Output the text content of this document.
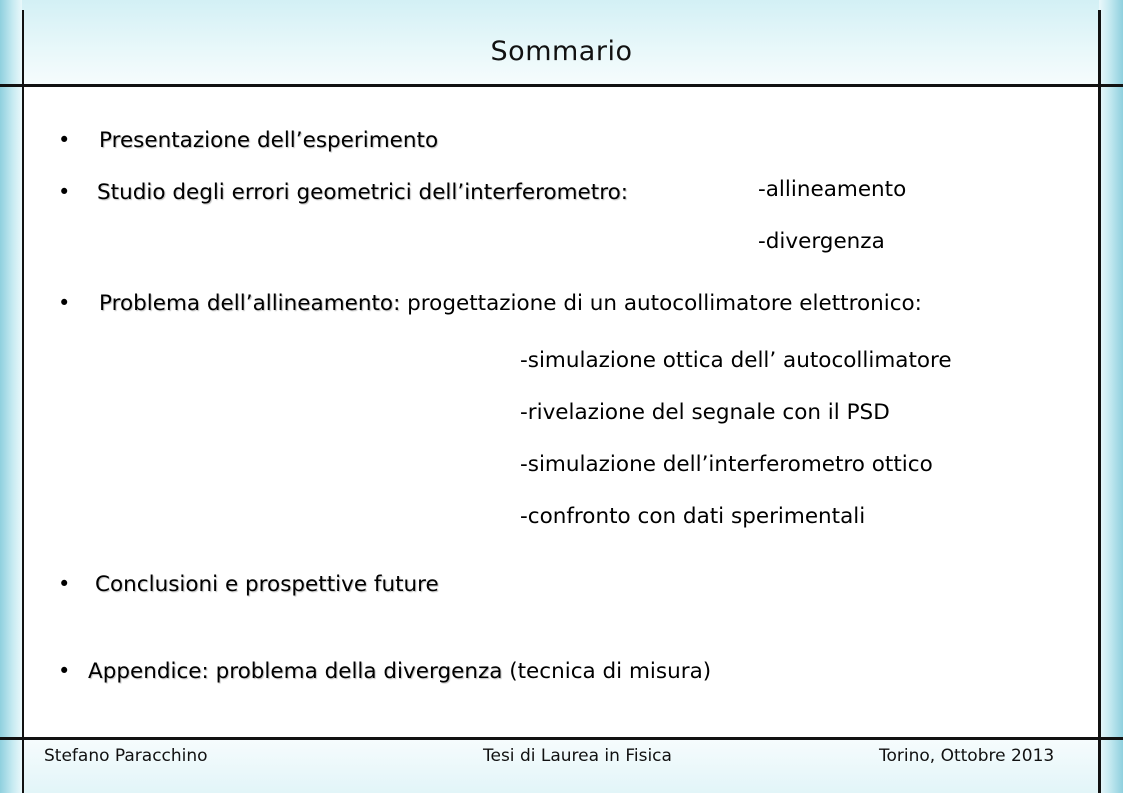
Sommario
• Presentazione dell’esperimento
• Studio degli errori geometrici dell’interferometro:	-allineamento
-divergenza
• Problema dell’allineamento: progettazione di un autocollimatore elettronico:
-simulazione ottica dell’ autocollimatore
-rivelazione del segnale con il PSD
-simulazione dell’interferometro ottico
-confronto con dati sperimentali
• Conclusioni e prospettive future
• Appendice: problema della divergenza (tecnica di misura)
Stefano Paracchino	Tesi di Laurea in Fisica	Torino, Ottobre 2013
